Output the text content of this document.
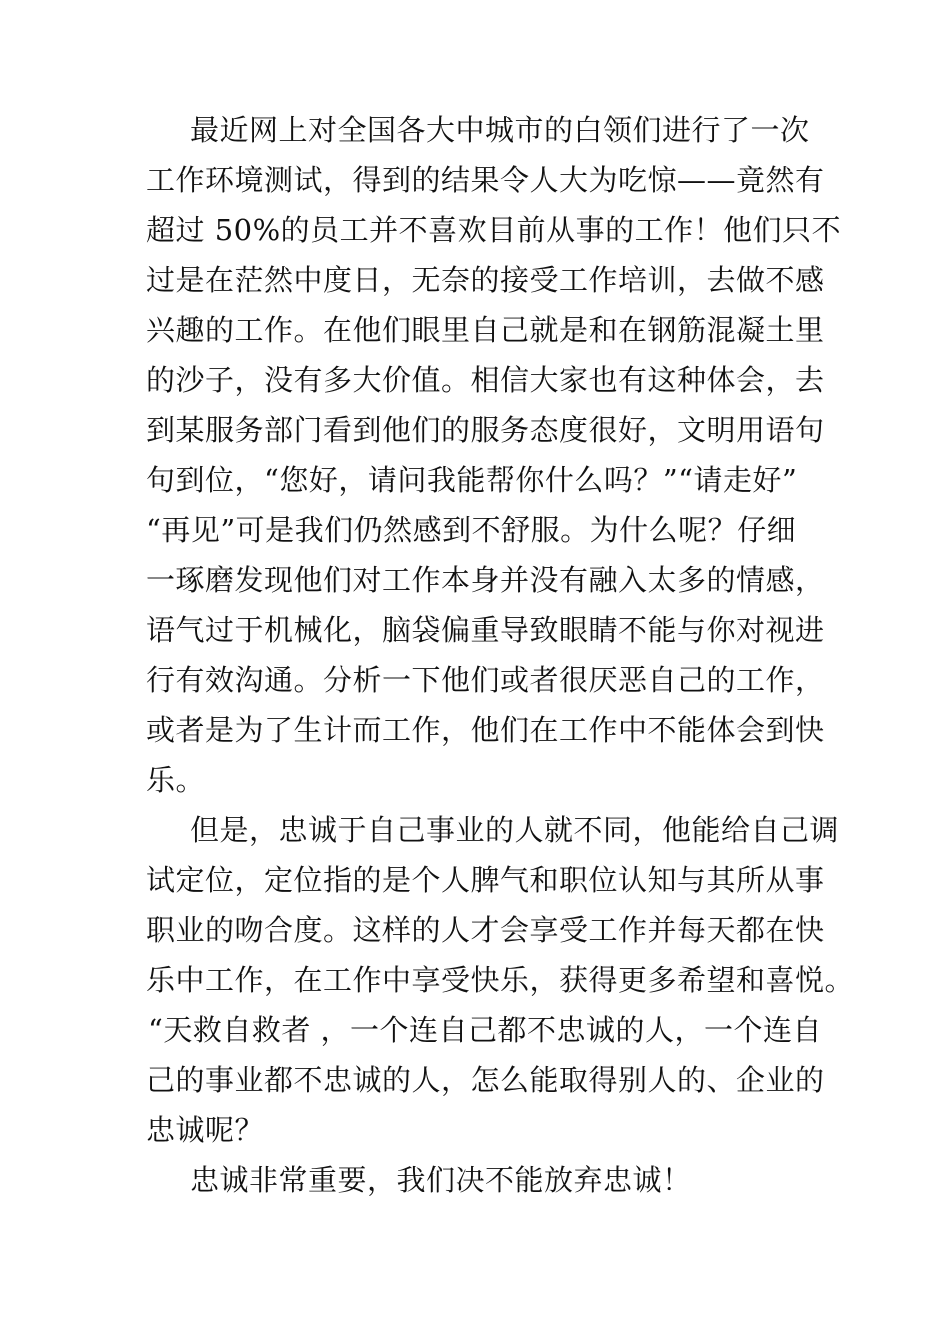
最近网上对全国各大中城市的白领们进行了一次
工作环境测试，得到的结果令人大为吃惊——竟然有
超过 50%的员工并不喜欢目前从事的工作！他们只不
过是在茫然中度日，无奈的接受工作培训，去做不感
兴趣的工作。在他们眼里自己就是和在钢筋混凝土里
的沙子，没有多大价值。相信大家也有这种体会，去
到某服务部门看到他们的服务态度很好，文明用语句
句到位，“您好，请问我能帮你什么吗？”“请走好”
“再见”可是我们仍然感到不舒服。为什么呢？仔细
一琢磨发现他们对工作本身并没有融入太多的情感，
语气过于机械化，脑袋偏重导致眼睛不能与你对视进
行有效沟通。分析一下他们或者很厌恶自己的工作，
或者是为了生计而工作，他们在工作中不能体会到快
乐。
但是，忠诚于自己事业的人就不同，他能给自己调
试定位，定位指的是个人脾气和职位认知与其所从事
职业的吻合度。这样的人才会享受工作并每天都在快
乐中工作，在工作中享受快乐，获得更多希望和喜悦。
“天救自救者 ，一个连自己都不忠诚的人，一个连自
己的事业都不忠诚的人，怎么能取得别人的、企业的
忠诚呢？
忠诚非常重要，我们决不能放弃忠诚！
